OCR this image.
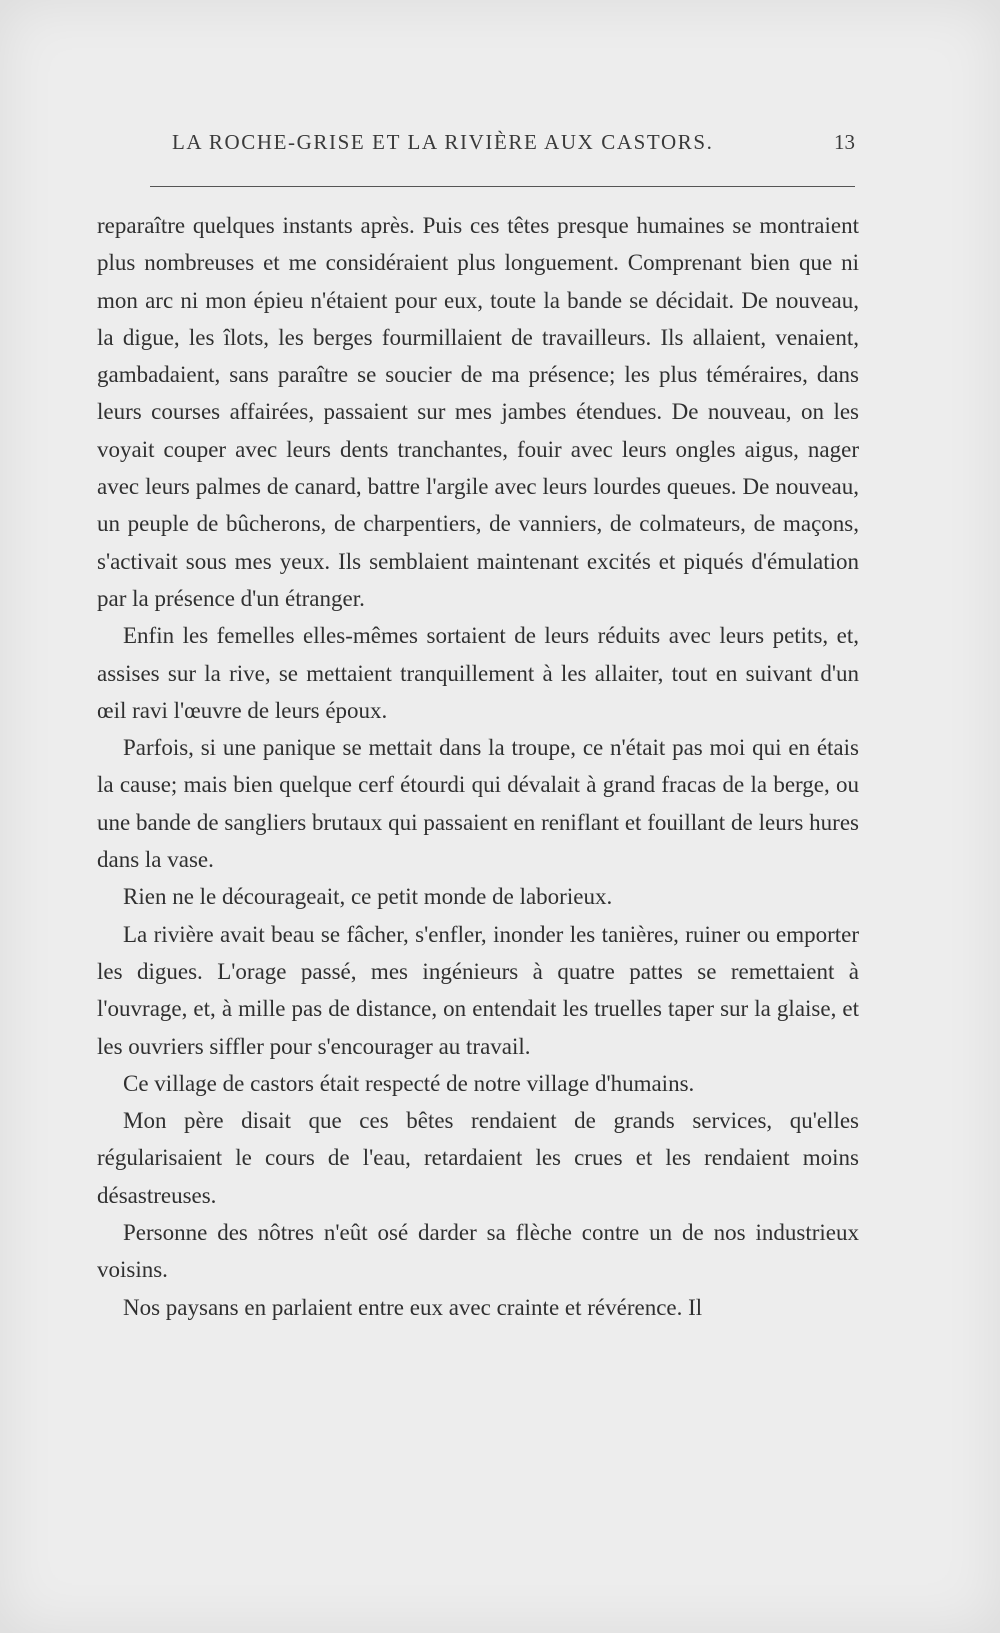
LA ROCHE-GRISE ET LA RIVIÈRE AUX CASTORS.	13

reparaître quelques instants après. Puis ces têtes presque humaines se montraient plus nombreuses et me considéraient plus longuement. Comprenant bien que ni mon arc ni mon épieu n'étaient pour eux, toute la bande se décidait. De nouveau, la digue, les îlots, les berges fourmillaient de travailleurs. Ils allaient, venaient, gambadaient, sans paraître se soucier de ma présence; les plus téméraires, dans leurs courses affairées, passaient sur mes jambes étendues. De nouveau, on les voyait couper avec leurs dents tranchantes, fouir avec leurs ongles aigus, nager avec leurs palmes de canard, battre l'argile avec leurs lourdes queues. De nouveau, un peuple de bûcherons, de charpentiers, de vanniers, de colmateurs, de maçons, s'activait sous mes yeux. Ils semblaient maintenant excités et piqués d'émulation par la présence d'un étranger.

Enfin les femelles elles-mêmes sortaient de leurs réduits avec leurs petits, et, assises sur la rive, se mettaient tranquillement à les allaiter, tout en suivant d'un œil ravi l'œuvre de leurs époux.

Parfois, si une panique se mettait dans la troupe, ce n'était pas moi qui en étais la cause; mais bien quelque cerf étourdi qui dévalait à grand fracas de la berge, ou une bande de sangliers brutaux qui passaient en reniflant et fouillant de leurs hures dans la vase.

Rien ne le décourageait, ce petit monde de laborieux.

La rivière avait beau se fâcher, s'enfler, inonder les tanières, ruiner ou emporter les digues. L'orage passé, mes ingénieurs à quatre pattes se remettaient à l'ouvrage, et, à mille pas de distance, on entendait les truelles taper sur la glaise, et les ouvriers siffler pour s'encourager au travail.

Ce village de castors était respecté de notre village d'humains.

Mon père disait que ces bêtes rendaient de grands services, qu'elles régularisaient le cours de l'eau, retardaient les crues et les rendaient moins désastreuses.

Personne des nôtres n'eût osé darder sa flèche contre un de nos industrieux voisins.

Nos paysans en parlaient entre eux avec crainte et révérence. Il
